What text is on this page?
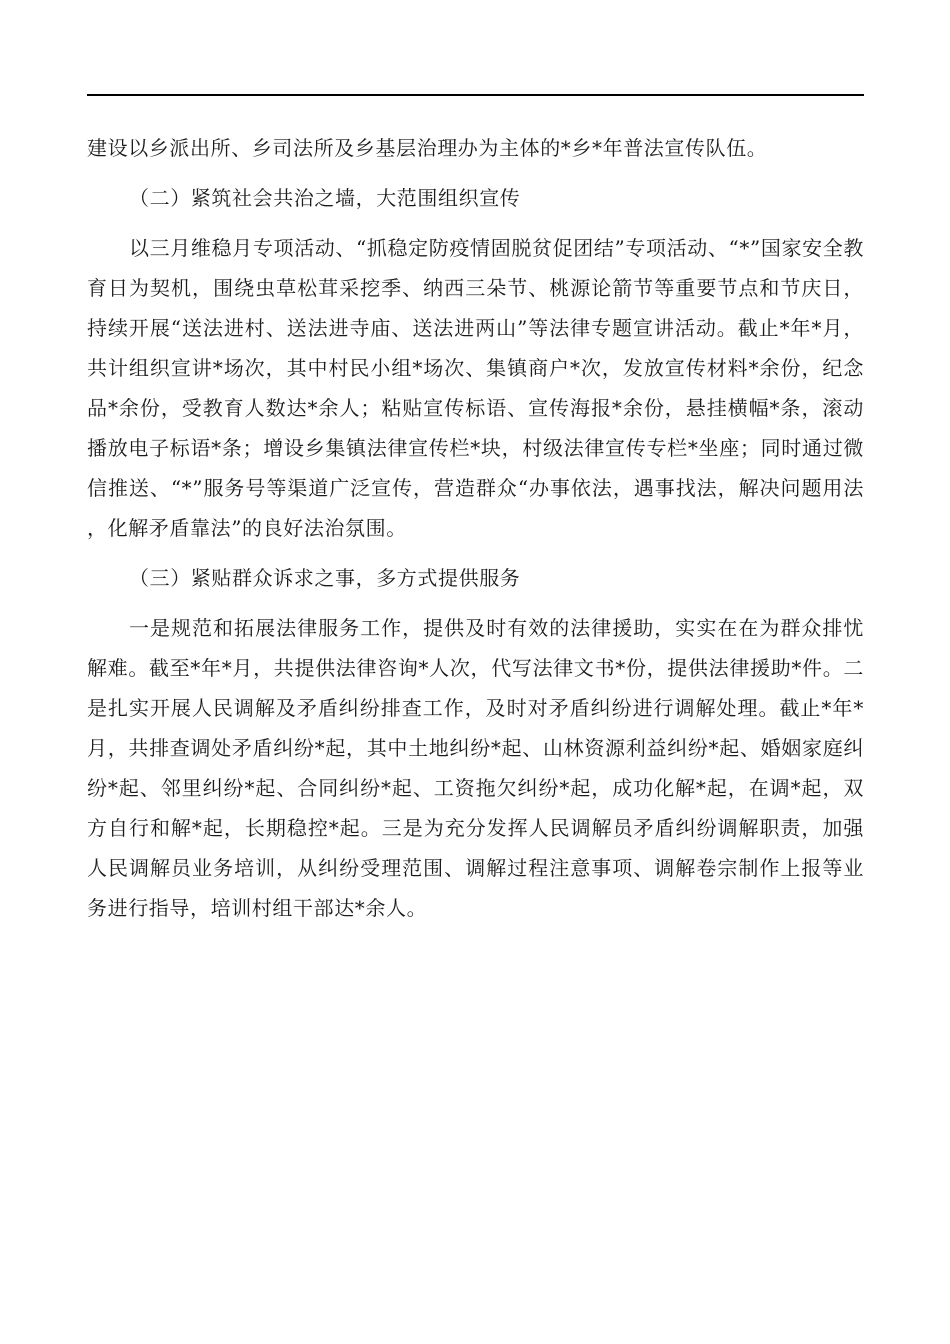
建设以乡派出所、乡司法所及乡基层治理办为主体的*乡*年普法宣传队伍。

（二）紧筑社会共治之墙，大范围组织宣传

以三月维稳月专项活动、“抓稳定防疫情固脱贫促团结”专项活动、“*”国家安全教育日为契机，围绕虫草松茸采挖季、纳西三朵节、桃源论箭节等重要节点和节庆日，持续开展“送法进村、送法进寺庙、送法进两山”等法律专题宣讲活动。截止*年*月，共计组织宣讲*场次，其中村民小组*场次、集镇商户*次，发放宣传材料*余份，纪念品*余份，受教育人数达*余人；粘贴宣传标语、宣传海报*余份，悬挂横幅*条，滚动播放电子标语*条；增设乡集镇法律宣传栏*块，村级法律宣传专栏*坐座；同时通过微信推送、“*”服务号等渠道广泛宣传，营造群众“办事依法，遇事找法，解决问题用法，化解矛盾靠法”的良好法治氛围。

（三）紧贴群众诉求之事，多方式提供服务

一是规范和拓展法律服务工作，提供及时有效的法律援助，实实在在为群众排忧解难。截至*年*月，共提供法律咨询*人次，代写法律文书*份，提供法律援助*件。二是扎实开展人民调解及矛盾纠纷排查工作，及时对矛盾纠纷进行调解处理。截止*年*月，共排查调处矛盾纠纷*起，其中土地纠纷*起、山林资源利益纠纷*起、婚姻家庭纠纷*起、邻里纠纷*起、合同纠纷*起、工资拖欠纠纷*起，成功化解*起，在调*起，双方自行和解*起，长期稳控*起。三是为充分发挥人民调解员矛盾纠纷调解职责，加强人民调解员业务培训，从纠纷受理范围、调解过程注意事项、调解卷宗制作上报等业务进行指导，培训村组干部达*余人。
